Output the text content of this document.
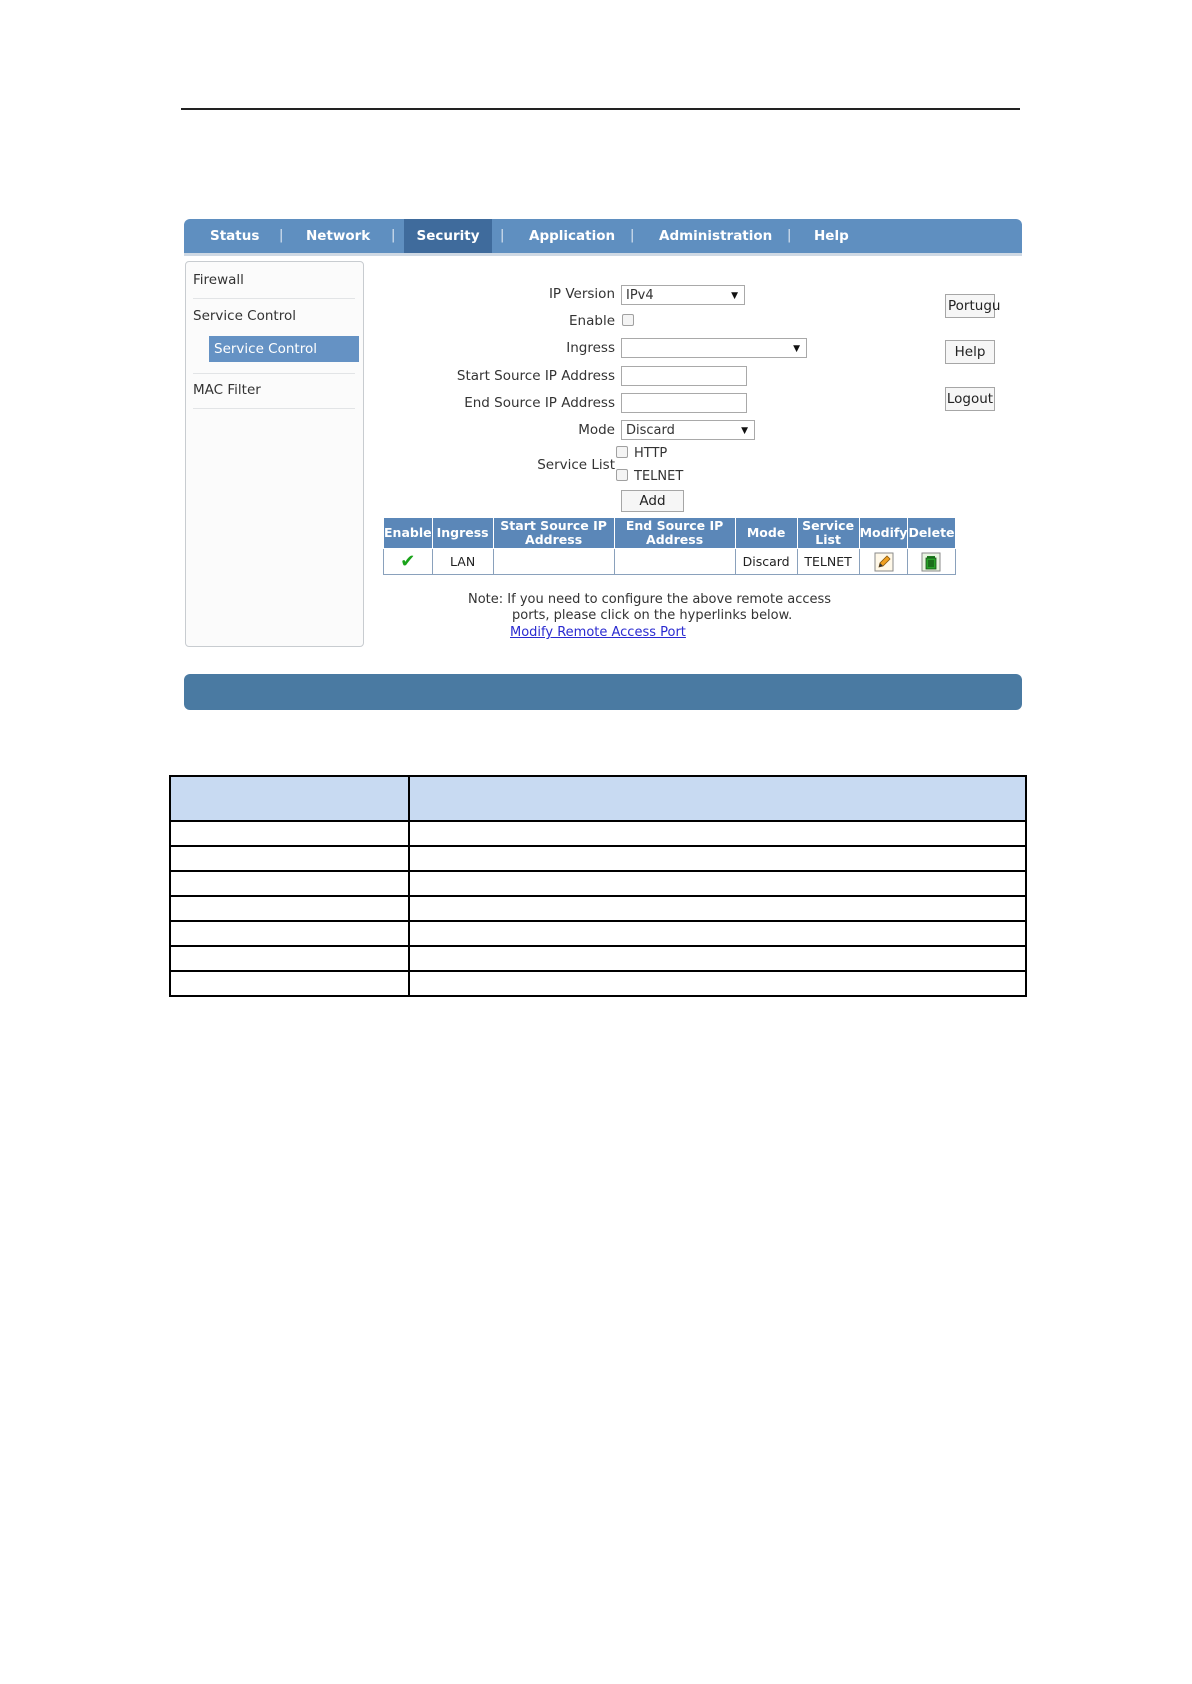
Status | Network |	Security	| Application | Administration | Help
Firewall
Service Control
Service Control
MAC Filter
IP Version IPv4	▼
Enable
Ingress	▼
Start Source IP Address
End Source IP Address
Mode Discard	▼
Service List
HTTP
TELNET
Add
Portugu
Help
Logout
Enable	Ingress	Start Source IP Address	End Source IP Address	Mode	Service List	Modify	Delete
✔	LAN			Discard	TELNET		
Note: If you need to configure the above remote access
ports, please click on the hyperlinks below.
Modify Remote Access Port
